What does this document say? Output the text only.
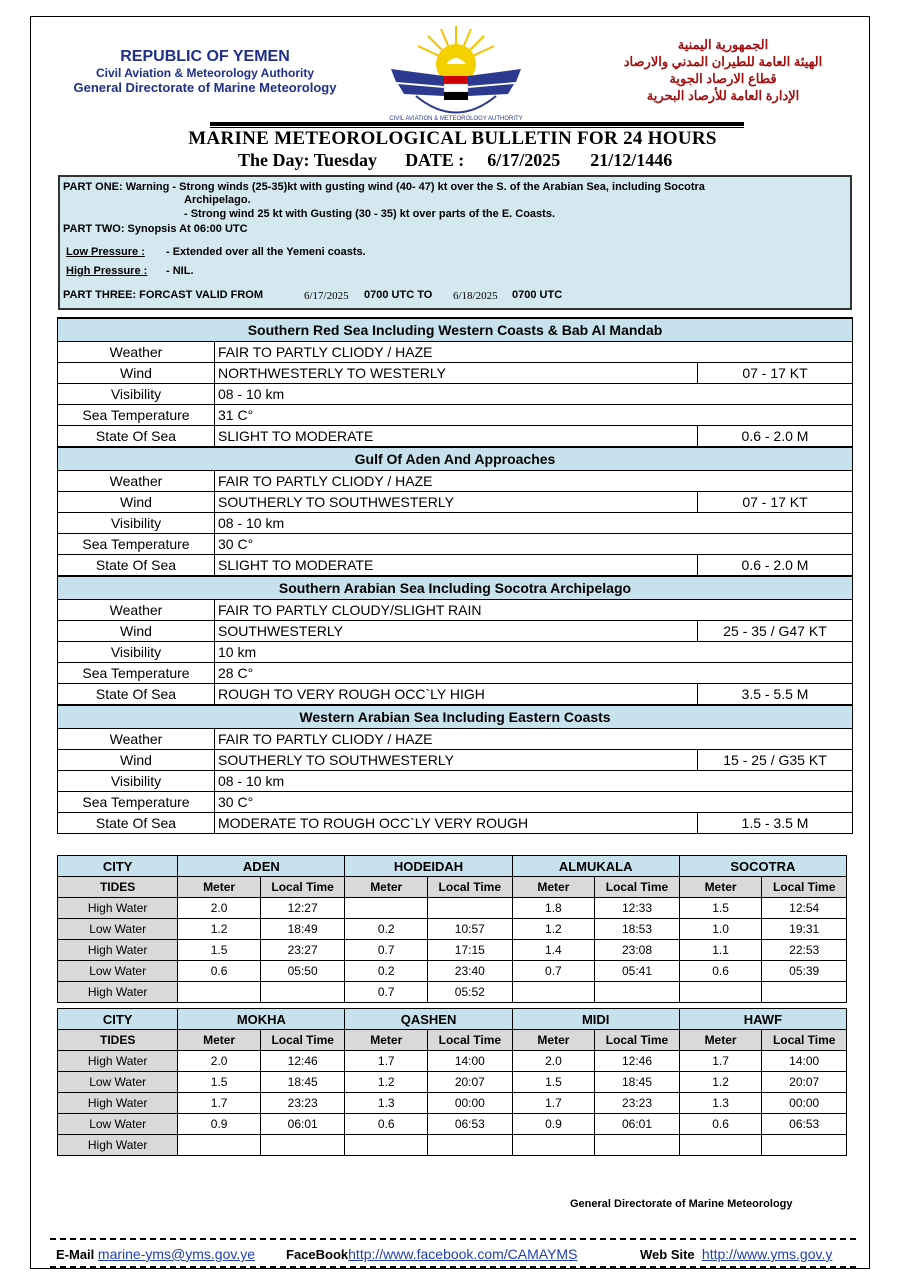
REPUBLIC OF YEMEN
Civil Aviation & Meteorology Authority
General Directorate of Marine Meteorology
CIVIL AVIATION & METEOROLOGY AUTHORITY
الجمهورية اليمنية
الهيئة العامة للطيران المدني والارصاد
قطاع الارصاد الجوية
الإدارة العامة للأرصاد البحرية
MARINE METEOROLOGICAL BULLETIN FOR 24 HOURS
The Day: Tuesday DATE : 6/17/2025 21/12/1446
PART ONE: Warning - Strong winds (25-35)kt with gusting wind (40- 47) kt over the S. of the Arabian Sea, including Socotra
Archipelago.
- Strong wind 25 kt with Gusting (30 - 35) kt over parts of the E. Coasts.
PART TWO: Synopsis At 06:00 UTC
Low Pressure : - Extended over all the Yemeni coasts.
High Pressure : - NIL.
PART THREE: FORCAST VALID FROM	6/17/2025 0700 UTC TO 6/18/2025 0700 UTC
Southern Red Sea Including Western Coasts & Bab Al Mandab		
Weather	FAIR TO PARTLY CLIODY / HAZE	
Wind	NORTHWESTERLY TO WESTERLY	07 - 17 KT
Visibility	08 - 10 km	
Sea Temperature	31 C°	
State Of Sea	SLIGHT TO MODERATE	0.6 - 2.0 M
Gulf Of Aden And Approaches		
Weather	FAIR TO PARTLY CLIODY / HAZE	
Wind	SOUTHERLY TO SOUTHWESTERLY	07 - 17 KT
Visibility	08 - 10 km	
Sea Temperature	30 C°	
State Of Sea	SLIGHT TO MODERATE	0.6 - 2.0 M
Southern Arabian Sea Including Socotra Archipelago		
Weather	FAIR TO PARTLY CLOUDY/SLIGHT RAIN	
Wind	SOUTHWESTERLY	25 - 35 / G47 KT
Visibility	10 km	
Sea Temperature	28 C°	
State Of Sea	ROUGH TO VERY ROUGH OCC`LY HIGH	3.5 - 5.5 M
Western Arabian Sea Including Eastern Coasts		
Weather	FAIR TO PARTLY CLIODY / HAZE	
Wind	SOUTHERLY TO SOUTHWESTERLY	15 - 25 / G35 KT
Visibility	08 - 10 km	
Sea Temperature	30 C°	
State Of Sea	MODERATE TO ROUGH OCC`LY VERY ROUGH	1.5 - 3.5 M
CITY	ADEN		HODEIDAH		ALMUKALA		SOCOTRA	
TIDES	Meter	Local Time	Meter	Local Time	Meter	Local Time	Meter	Local Time
High Water	2.0	12:27			1.8	12:33	1.5	12:54
Low Water	1.2	18:49	0.2	10:57	1.2	18:53	1.0	19:31
High Water	1.5	23:27	0.7	17:15	1.4	23:08	1.1	22:53
Low Water	0.6	05:50	0.2	23:40	0.7	05:41	0.6	05:39
High Water			0.7	05:52				
CITY	MOKHA		QASHEN		MIDI		HAWF	
TIDES	Meter	Local Time	Meter	Local Time	Meter	Local Time	Meter	Local Time
High Water	2.0	12:46	1.7	14:00	2.0	12:46	1.7	14:00
Low Water	1.5	18:45	1.2	20:07	1.5	18:45	1.2	20:07
High Water	1.7	23:23	1.3	00:00	1.7	23:23	1.3	00:00
Low Water	0.9	06:01	0.6	06:53	0.9	06:01	0.6	06:53
High Water								
General Directorate of Marine Meteorology
E-Mail marine-yms@yms.gov.ye FaceBookhttp://www.facebook.com/CAMAYMS	Web Site http://www.yms.gov.y
